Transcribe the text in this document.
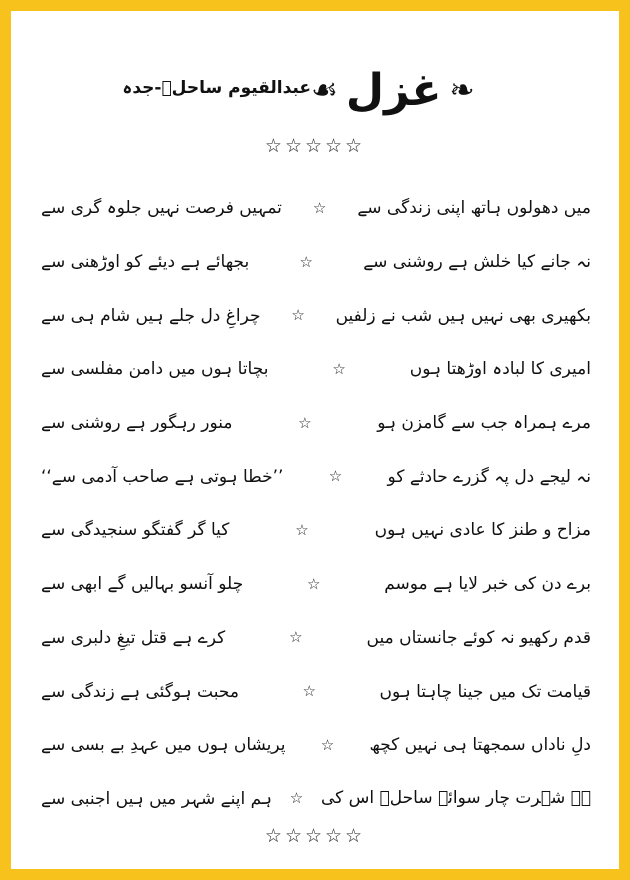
☙ غزل ❧
عبدالقیوم ساحلؔ-جدہ
☆☆☆☆☆
میں دھولوں ہاتھ اپنی زندگی سے
☆
تمہیں فرصت نہیں جلوہ گری سے
نہ جانے کیا خلش ہے روشنی سے
☆
بجھائے ہے دیئے کو اوڑھنی سے
بکھیری بھی نہیں ہیں شب نے زلفیں
☆
چراغِ دل جلے ہیں شام ہی سے
امیری کا لبادہ اوڑھتا ہوں
☆
بچاتا ہوں میں دامن مفلسی سے
مرے ہمراہ جب سے گامزن ہو
☆
منور رہگور ہے روشنی سے
نہ لیجے دل پہ گزرے حادثے کو
☆
’’خطا ہوتی ہے صاحب آدمی سے‘‘
مزاح و طنز کا عادی نہیں ہوں
☆
کیا گر گفتگو سنجیدگی سے
برے دن کی خبر لایا ہے موسم
☆
چلو آنسو بہالیں گے ابھی سے
قدم رکھیو نہ کوئے جانستاں میں
☆
کرے ہے قتل تیغِ دلبری سے
قیامت تک میں جینا چاہتا ہوں
☆
محبت ہوگئی ہے زندگی سے
دلِ ناداں سمجھتا ہی نہیں کچھ
☆
پریشاں ہوں میں عہدِ بے بسی سے
ہے شہرت چار سوائے ساحلؔ اس کی
☆
ہم اپنے شہر میں ہیں اجنبی سے
☆☆☆☆☆
